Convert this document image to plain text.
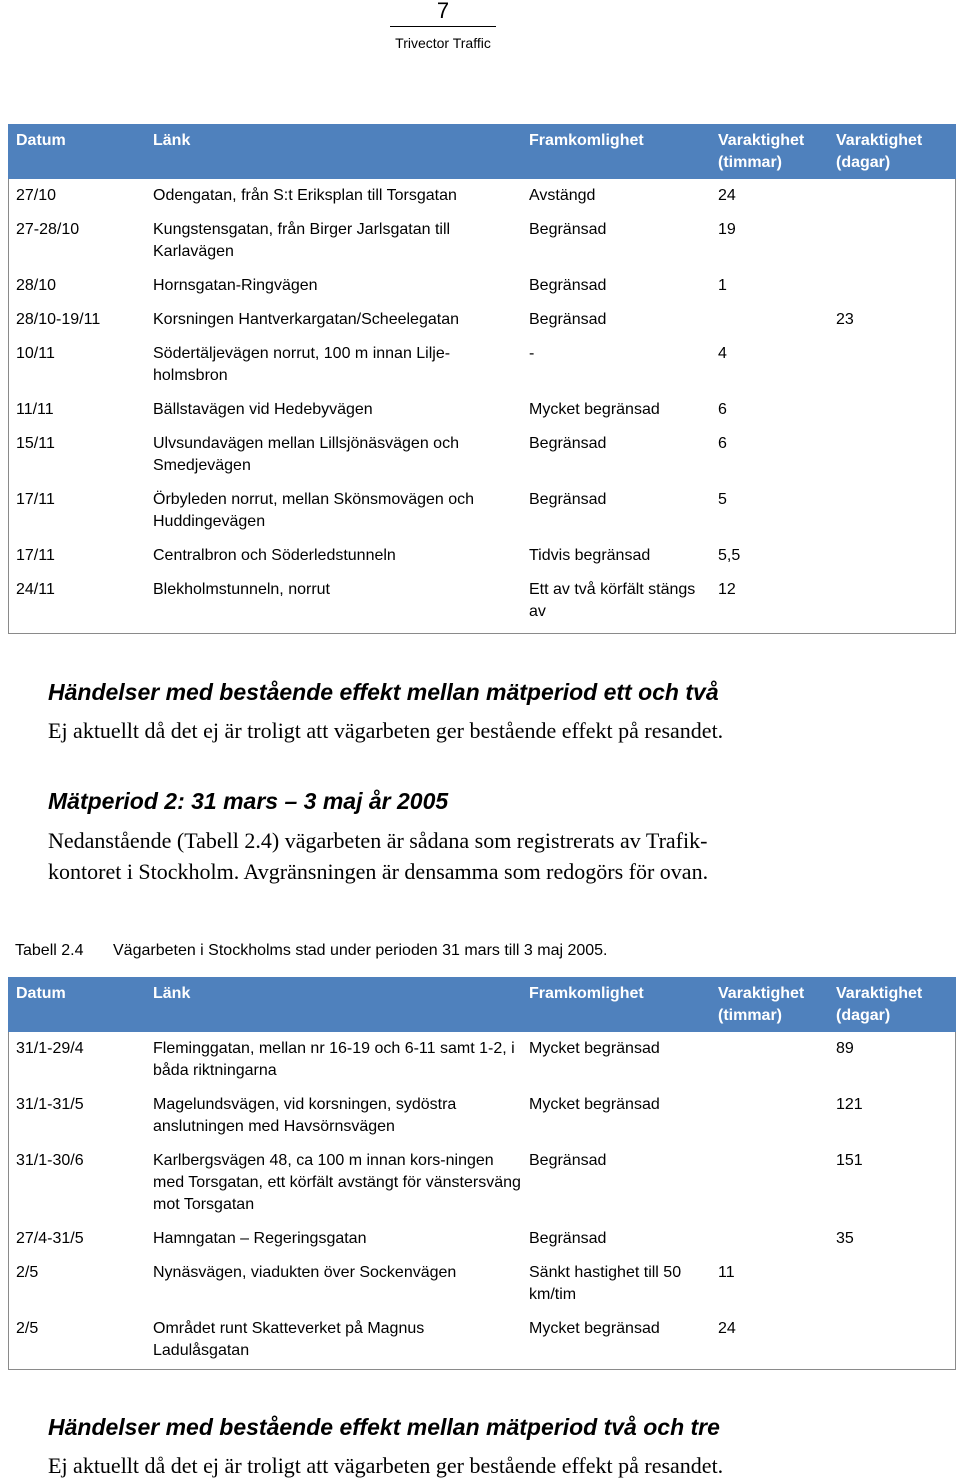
7
Trivector Traffic
Datum	Länk	Framkomlighet	Varaktighet (timmar)	Varaktighet (dagar)

27/10	Odengatan, från S:t Eriksplan till Torsgatan	Avstängd	24	

27-28/10	Kungstensgatan, från Birger Jarlsgatan till Karlavägen	Begränsad	19	

28/10	Hornsgatan-Ringvägen	Begränsad	1	

28/10-19/11	Korsningen Hantverkargatan/Scheelegatan	Begränsad		23

10/11	Södertäljevägen norrut, 100 m innan Lilje-holmsbron	-	4	

11/11	Bällstavägen vid Hedebyvägen	Mycket begränsad	6	

15/11	Ulvsundavägen mellan Lillsjönäsvägen och Smedjevägen	Begränsad	6	

17/11	Örbyleden norrut, mellan Skönsmovägen och Huddingevägen	Begränsad	5	

17/11	Centralbron och Söderledstunneln	Tidvis begränsad	5,5	

24/11	Blekholmstunneln, norrut	Ett av två körfält stängs av	12	

Händelser med bestående effekt mellan mätperiod ett och två
Ej aktuellt då det ej är troligt att vägarbeten ger bestående effekt på resandet.
Mätperiod 2: 31 mars – 3 maj år 2005
Nedanstående (Tabell 2.4) vägarbeten är sådana som registrerats av Trafik-
kontoret i Stockholm. Avgränsningen är densamma som redogörs för ovan.
Tabell 2.4 Vägarbeten i Stockholms stad under perioden 31 mars till 3 maj 2005.
Datum	Länk	Framkomlighet	Varaktighet (timmar)	Varaktighet (dagar)

31/1-29/4	Fleminggatan, mellan nr 16-19 och 6-11 samt 1-2, i båda riktningarna	Mycket begränsad		89

31/1-31/5	Magelundsvägen, vid korsningen, sydöstra anslutningen med Havsörnsvägen	Mycket begränsad		121

31/1-30/6	Karlbergsvägen 48, ca 100 m innan kors-ningen med Torsgatan, ett körfält avstängt för vänstersväng mot Torsgatan	Begränsad		151

27/4-31/5	Hamngatan – Regeringsgatan	Begränsad		35

2/5	Nynäsvägen, viadukten över Sockenvägen	Sänkt hastighet till 50 km/tim	11	

2/5	Området runt Skatteverket på Magnus Ladulåsgatan	Mycket begränsad	24	

Händelser med bestående effekt mellan mätperiod två och tre
Ej aktuellt då det ej är troligt att vägarbeten ger bestående effekt på resandet.
